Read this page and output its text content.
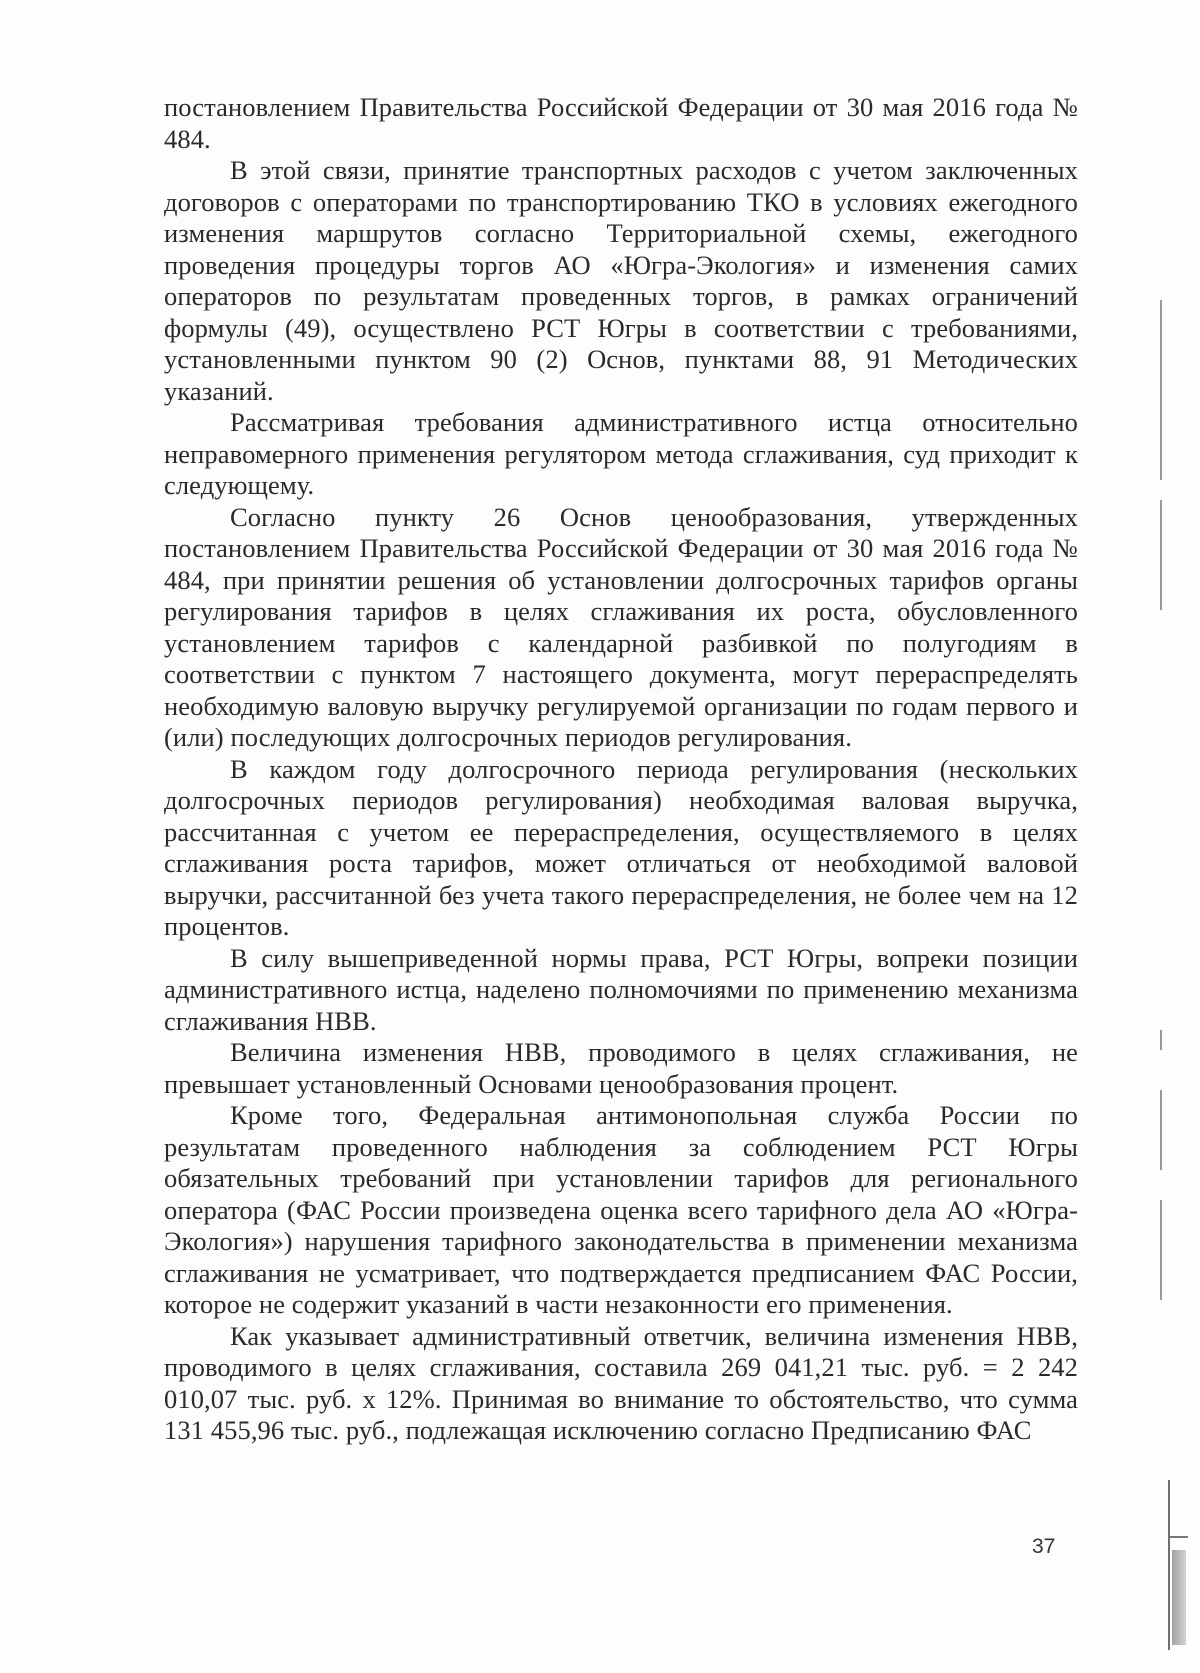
постановлением Правительства Российской Федерации от 30 мая 2016 года № 484.

В этой связи, принятие транспортных расходов с учетом заключенных договоров с операторами по транспортированию ТКО в условиях ежегодного изменения маршрутов согласно Территориальной схемы, ежегодного проведения процедуры торгов АО «Югра-Экология» и изменения самих операторов по результатам проведенных торгов, в рамках ограничений формулы (49), осуществлено РСТ Югры в соответствии с требованиями, установленными пунктом 90 (2) Основ, пунктами 88, 91 Методических указаний.

Рассматривая требования административного истца относительно неправомерного применения регулятором метода сглаживания, суд приходит к следующему.

Согласно пункту 26 Основ ценообразования, утвержденных постановлением Правительства Российской Федерации от 30 мая 2016 года № 484, при принятии решения об установлении долгосрочных тарифов органы регулирования тарифов в целях сглаживания их роста, обусловленного установлением тарифов с календарной разбивкой по полугодиям в соответствии с пунктом 7 настоящего документа, могут перераспределять необходимую валовую выручку регулируемой организации по годам первого и (или) последующих долгосрочных периодов регулирования.

В каждом году долгосрочного периода регулирования (нескольких долгосрочных периодов регулирования) необходимая валовая выручка, рассчитанная с учетом ее перераспределения, осуществляемого в целях сглаживания роста тарифов, может отличаться от необходимой валовой выручки, рассчитанной без учета такого перераспределения, не более чем на 12 процентов.

В силу вышеприведенной нормы права, РСТ Югры, вопреки позиции административного истца, наделено полномочиями по применению механизма сглаживания НВВ.

Величина изменения НВВ, проводимого в целях сглаживания, не превышает установленный Основами ценообразования процент.

Кроме того, Федеральная антимонопольная служба России по результатам проведенного наблюдения за соблюдением РСТ Югры обязательных требований при установлении тарифов для регионального оператора (ФАС России произведена оценка всего тарифного дела АО «Югра-Экология») нарушения тарифного законодательства в применении механизма сглаживания не усматривает, что подтверждается предписанием ФАС России, которое не содержит указаний в части незаконности его применения.

Как указывает административный ответчик, величина изменения НВВ, проводимого в целях сглаживания, составила 269 041,21 тыс. руб. = 2 242 010,07 тыс. руб. х 12%. Принимая во внимание то обстоятельство, что сумма 131 455,96 тыс. руб., подлежащая исключению согласно Предписанию ФАС

37
